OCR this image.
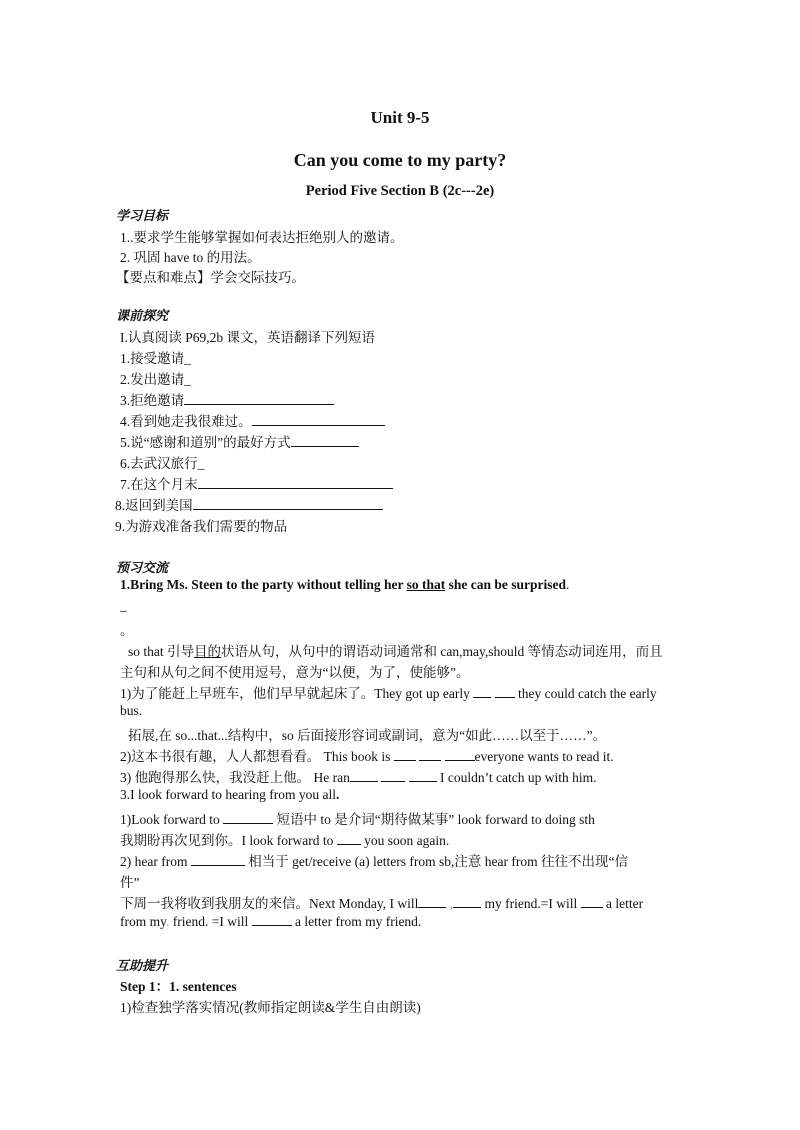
Unit 9-5
Can you come to my party?
Period Five Section B (2c---2e)
学习目标
1..要求学生能够掌握如何表达拒绝别人的邀请。
2. 巩固 have to 的用法。
【要点和难点】学会交际技巧。
课前探究
I.认真阅读 P69,2b 课文，英语翻译下列短语
1.接受邀请_
2.发出邀请_
3.拒绝邀请
4.看到她走我很难过。
5.说“感谢和道别”的最好方式
6.去武汉旅行_
7.在这个月末
8.返回到美国
9.为游戏准备我们需要的物品
预习交流
1.Bring Ms. Steen to the party without telling her so that she can be surprised.
_
。
so that 引导目的状语从句，从句中的谓语动词通常和 can,may,should 等情态动词连用，而且
主句和从句之间不使用逗号，意为“以便，为了，使能够”。
1)为了能赶上早班车，他们早早就起床了。They got up early	they could catch the early
bus.
拓展,在 so...that...结构中，so 后面接形容词或副词，意为“如此……以至于……”。
2)这本书很有趣，人人都想看看。 This book is	everyone wants to read it.
3) 他跑得那么快，我没赶上他。 He ran	I couldn’t catch up with him.
3.I look forward to hearing from you all.
1)Look forward to	短语中 to 是介词“期待做某事” look forward to doing sth
我期盼再次见到你。I look forward to you soon again.
2) hear from	相当于 get/receive (a) letters from sb,注意 hear from 往往不出现“信
件”
下周一我将收到我朋友的来信。Next Monday, I will , my friend.=I will a letter
from my. friend. =I will	a letter from my friend.
互助提升
Step 1：1. sentences
1)检查独学落实情况(教师指定朗读&学生自由朗读)
